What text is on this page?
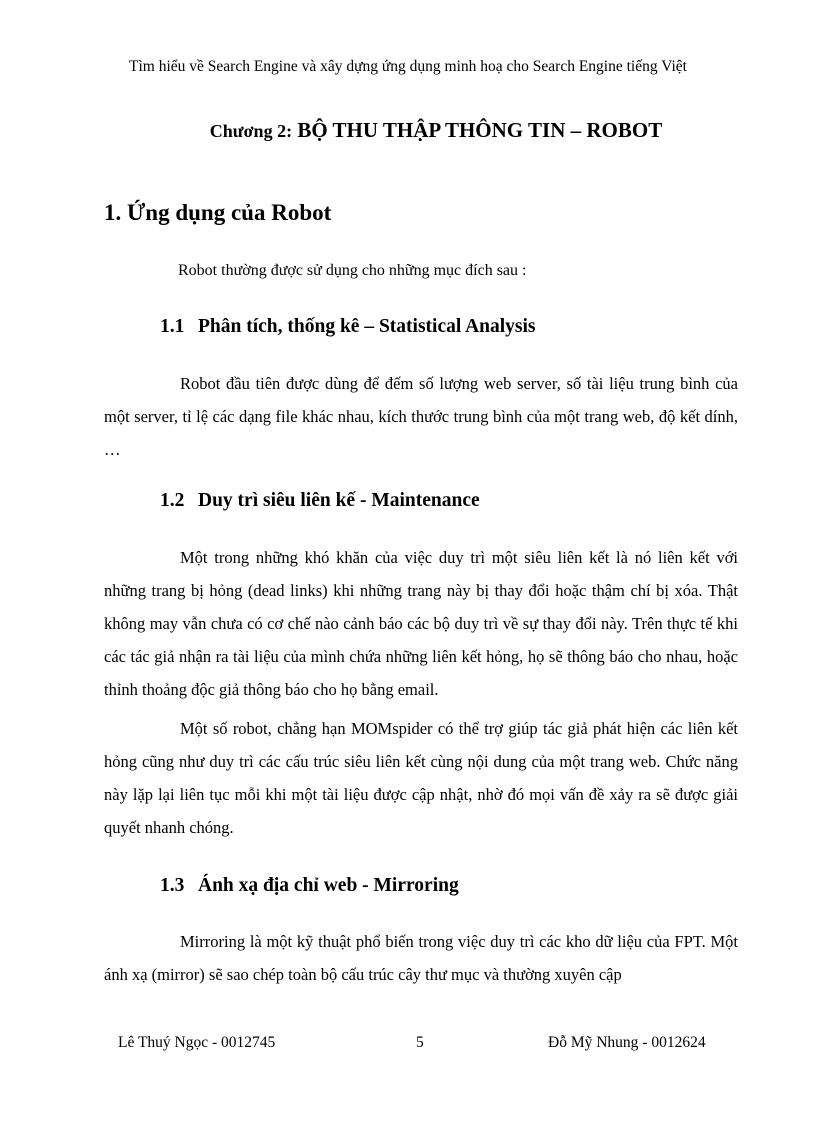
Tìm hiểu về Search Engine và xây dựng ứng dụng minh hoạ cho Search Engine tiếng Việt
Chương 2: BỘ THU THẬP THÔNG TIN – ROBOT
1. Ứng dụng của Robot
Robot thường được sử dụng cho những mục đích sau :
1.1 Phân tích, thống kê – Statistical Analysis
Robot đầu tiên được dùng để đếm số lượng web server, số tài liệu trung bình của một server, tỉ lệ các dạng file khác nhau, kích thước trung bình của một trang web, độ kết dính, …
1.2 Duy trì siêu liên kế - Maintenance
Một trong những khó khăn của việc duy trì một siêu liên kết là nó liên kết với những trang bị hỏng (dead links) khi những trang này bị thay đổi hoặc thậm chí bị xóa. Thật không may vẫn chưa có cơ chế nào cảnh báo các bộ duy trì về sự thay đổi này. Trên thực tế khi các tác giả nhận ra tài liệu của mình chứa những liên kết hỏng, họ sẽ thông báo cho nhau, hoặc thỉnh thoảng độc giả thông báo cho họ bằng email.
Một số robot, chẳng hạn MOMspider có thể trợ giúp tác giả phát hiện các liên kết hỏng cũng như duy trì các cấu trúc siêu liên kết cùng nội dung của một trang web. Chức năng này lặp lại liên tục mỗi khi một tài liệu được cập nhật, nhờ đó mọi vấn đề xảy ra sẽ được giải quyết nhanh chóng.
1.3 Ánh xạ địa chỉ web - Mirroring
Mirroring là một kỹ thuật phổ biến trong việc duy trì các kho dữ liệu của FPT. Một ánh xạ (mirror) sẽ sao chép toàn bộ cấu trúc cây thư mục và thường xuyên cập
Lê Thuý Ngọc - 0012745	5	Đỗ Mỹ Nhung - 0012624
